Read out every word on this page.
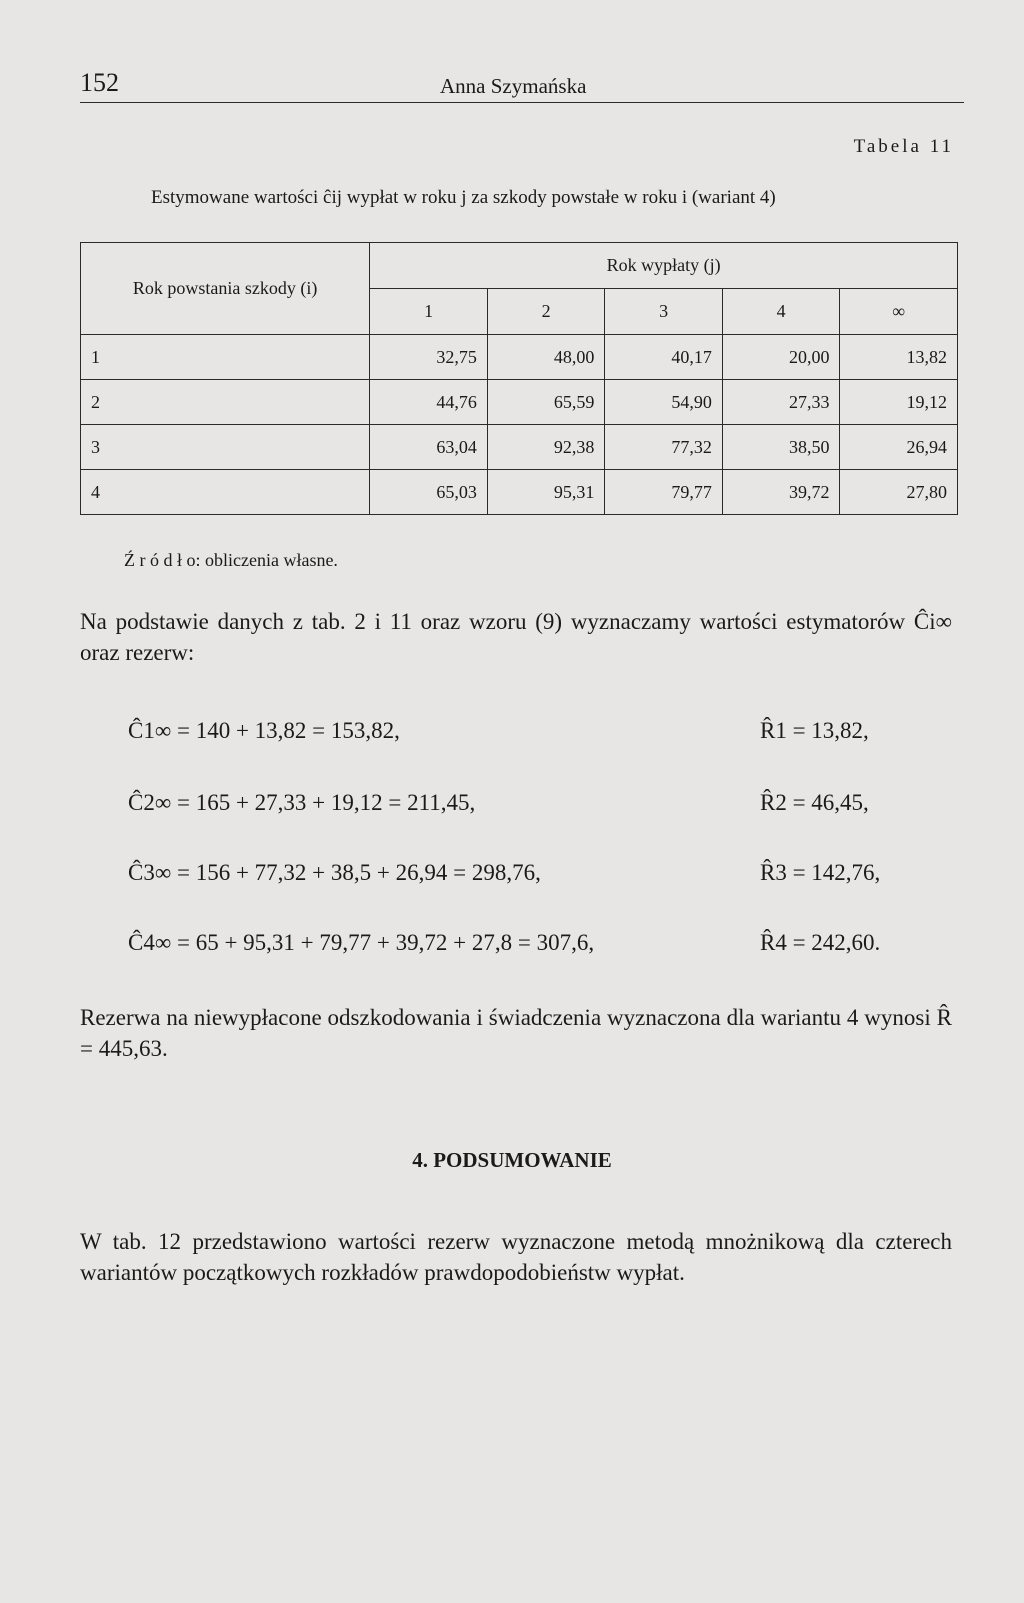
152	Anna Szymańska
Tabela 11
Estymowane wartości ĉij wypłat w roku j za szkody powstałe w roku i (wariant 4)
Rok powstania szkody (i)	Rok wypłaty (j)				
	1	2	3	4	∞
1	32,75	48,00	40,17	20,00	13,82
2	44,76	65,59	54,90	27,33	19,12
3	63,04	92,38	77,32	38,50	26,94
4	65,03	95,31	79,77	39,72	27,80
Ź r ó d ł o: obliczenia własne.

Na podstawie danych z tab. 2 i 11 oraz wzoru (9) wyznaczamy wartości estymatorów Ĉi∞ oraz rezerw:

Ĉ1∞ = 140 + 13,82 = 153,82,	R̂1 = 13,82,
Ĉ2∞ = 165 + 27,33 + 19,12 = 211,45,	R̂2 = 46,45,
Ĉ3∞ = 156 + 77,32 + 38,5 + 26,94 = 298,76,	R̂3 = 142,76,
Ĉ4∞ = 65 + 95,31 + 79,77 + 39,72 + 27,8 = 307,6,	R̂4 = 242,60.

Rezerwa na niewypłacone odszkodowania i świadczenia wyznaczona dla wariantu 4 wynosi R̂ = 445,63.

4. PODSUMOWANIE

W tab. 12 przedstawiono wartości rezerw wyznaczone metodą mnożnikową dla czterech wariantów początkowych rozkładów prawdopodobieństw wypłat.
